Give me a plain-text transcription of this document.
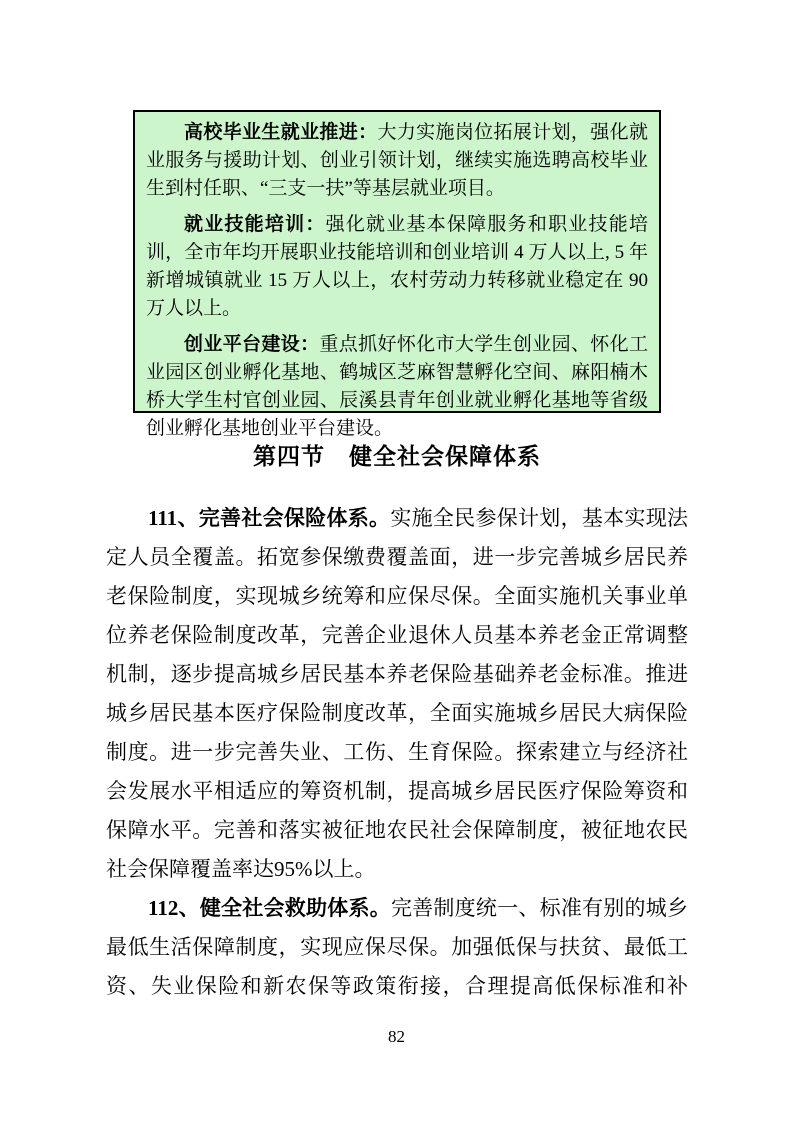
高校毕业生就业推进：大力实施岗位拓展计划，强化就业服务与援助计划、创业引领计划，继续实施选聘高校毕业生到村任职、“三支一扶”等基层就业项目。

就业技能培训：强化就业基本保障服务和职业技能培训，全市年均开展职业技能培训和创业培训 4 万人以上, 5 年新增城镇就业 15 万人以上，农村劳动力转移就业稳定在 90 万人以上。

创业平台建设：重点抓好怀化市大学生创业园、怀化工业园区创业孵化基地、鹤城区芝麻智慧孵化空间、麻阳楠木桥大学生村官创业园、辰溪县青年创业就业孵化基地等省级创业孵化基地创业平台建设。

第四节　健全社会保障体系

111、完善社会保险体系。实施全民参保计划，基本实现法定人员全覆盖。拓宽参保缴费覆盖面，进一步完善城乡居民养老保险制度，实现城乡统筹和应保尽保。全面实施机关事业单位养老保险制度改革，完善企业退休人员基本养老金正常调整机制，逐步提高城乡居民基本养老保险基础养老金标准。推进城乡居民基本医疗保险制度改革，全面实施城乡居民大病保险制度。进一步完善失业、工伤、生育保险。探索建立与经济社会发展水平相适应的筹资机制，提高城乡居民医疗保险筹资和保障水平。完善和落实被征地农民社会保障制度，被征地农民社会保障覆盖率达95%以上。

112、健全社会救助体系。完善制度统一、标准有别的城乡最低生活保障制度，实现应保尽保。加强低保与扶贫、最低工资、失业保险和新农保等政策衔接，合理提高低保标准和补

82
